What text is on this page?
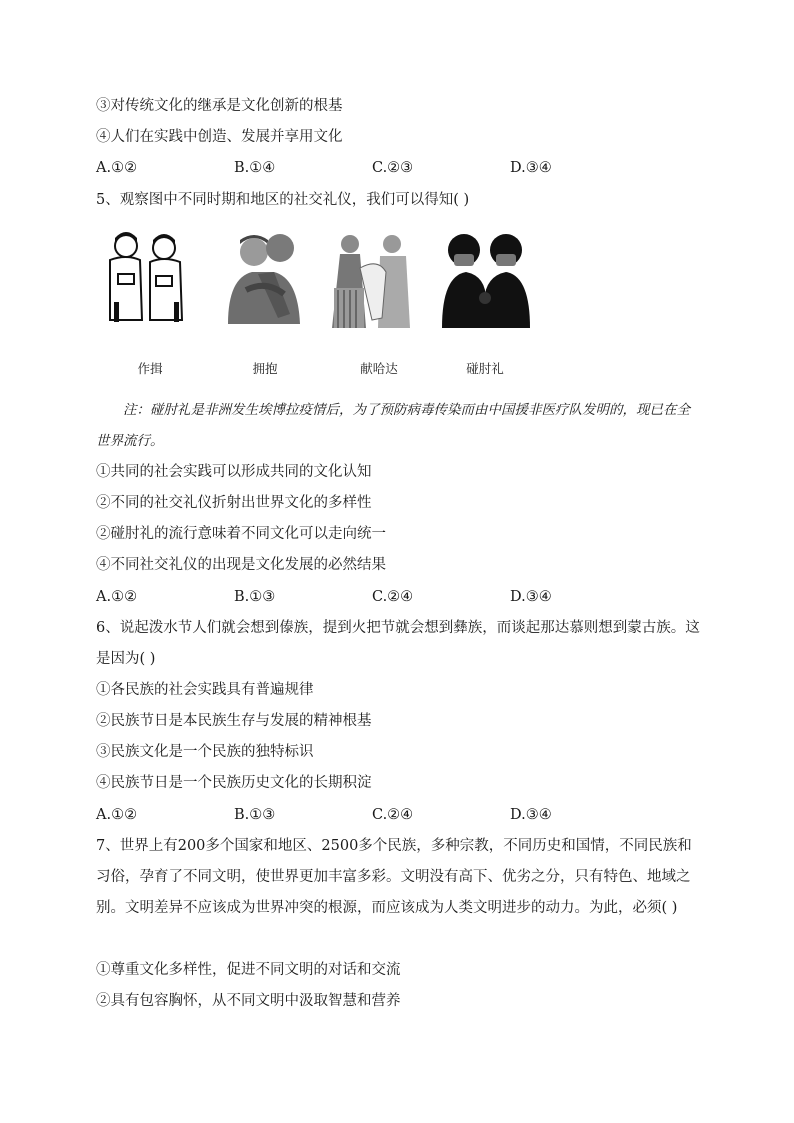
③对传统文化的继承是文化创新的根基
④人们在实践中创造、发展并享用文化
A.①②	B.①④	C.②③	D.③④
5、观察图中不同时期和地区的社交礼仪，我们可以得知( )
作揖	拥抱	献哈达	碰肘礼
注：碰肘礼是非洲发生埃博拉疫情后，为了预防病毒传染而由中国援非医疗队发明的，现已在全世界流行。
①共同的社会实践可以形成共同的文化认知
②不同的社交礼仪折射出世界文化的多样性
②碰肘礼的流行意味着不同文化可以走向统一
④不同社交礼仪的出现是文化发展的必然结果
A.①②	B.①③	C.②④	D.③④
6、说起泼水节人们就会想到傣族，提到火把节就会想到彝族，而谈起那达慕则想到蒙古族。这是因为( )
①各民族的社会实践具有普遍规律
②民族节日是本民族生存与发展的精神根基
③民族文化是一个民族的独特标识
④民族节日是一个民族历史文化的长期积淀
A.①②	B.①③	C.②④	D.③④
7、世界上有200多个国家和地区、2500多个民族，多种宗教，不同历史和国情，不同民族和习俗，孕育了不同文明，使世界更加丰富多彩。文明没有高下、优劣之分，只有特色、地域之别。文明差异不应该成为世界冲突的根源，而应该成为人类文明进步的动力。为此，必须( )
①尊重文化多样性，促进不同文明的对话和交流
②具有包容胸怀，从不同文明中汲取智慧和营养
